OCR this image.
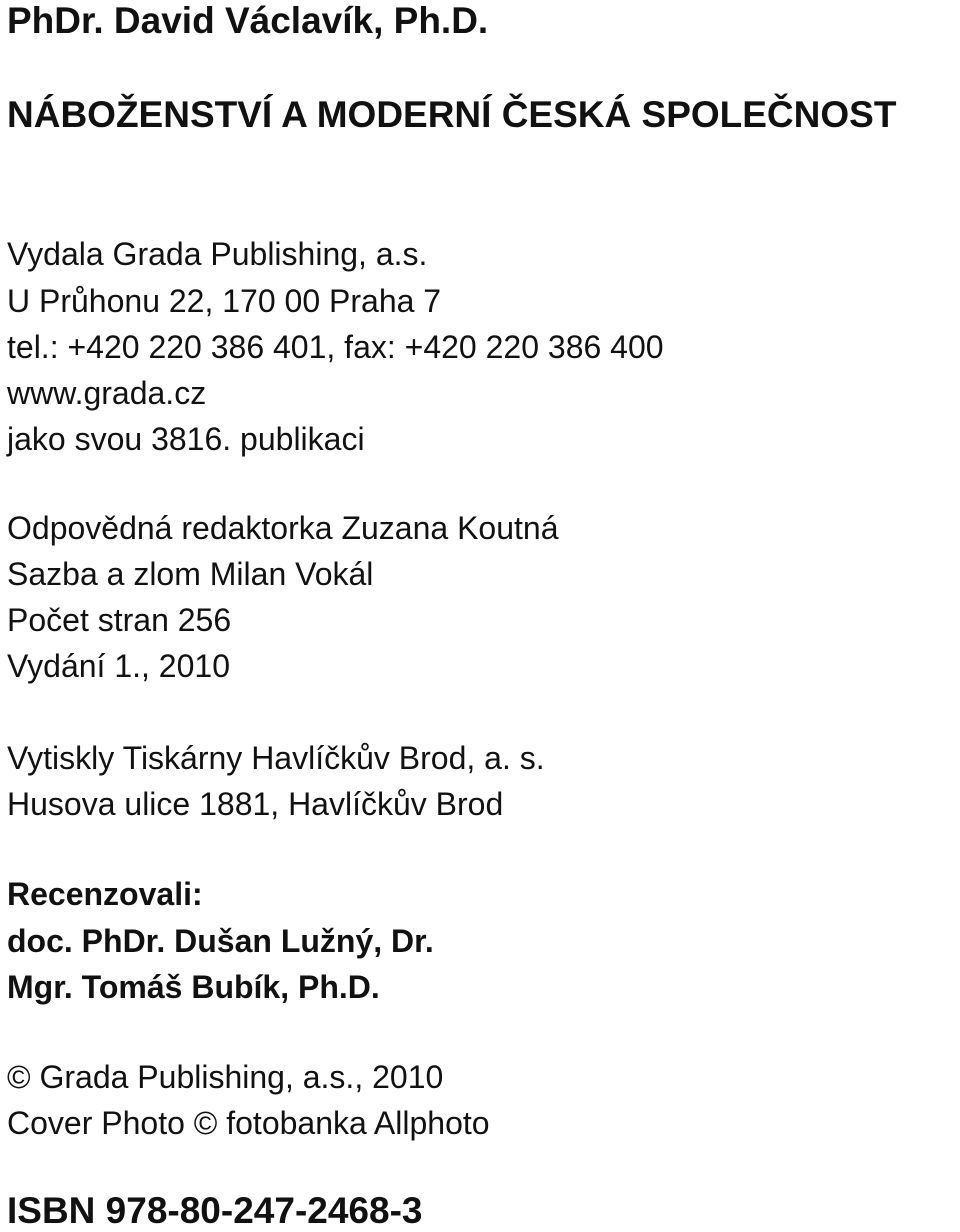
PhDr. David Václavík, Ph.D.
NÁBOŽENSTVÍ A MODERNÍ ČESKÁ SPOLEČNOST
Vydala Grada Publishing, a.s.
U Průhonu 22, 170 00 Praha 7
tel.: +420 220 386 401, fax: +420 220 386 400
www.grada.cz
jako svou 3816. publikaci
Odpovědná redaktorka Zuzana Koutná
Sazba a zlom Milan Vokál
Počet stran 256
Vydání 1., 2010
Vytiskly Tiskárny Havlíčkův Brod, a. s.
Husova ulice 1881, Havlíčkův Brod
Recenzovali:
doc. PhDr. Dušan Lužný, Dr.
Mgr. Tomáš Bubík, Ph.D.
© Grada Publishing, a.s., 2010
Cover Photo © fotobanka Allphoto
ISBN 978-80-247-2468-3
